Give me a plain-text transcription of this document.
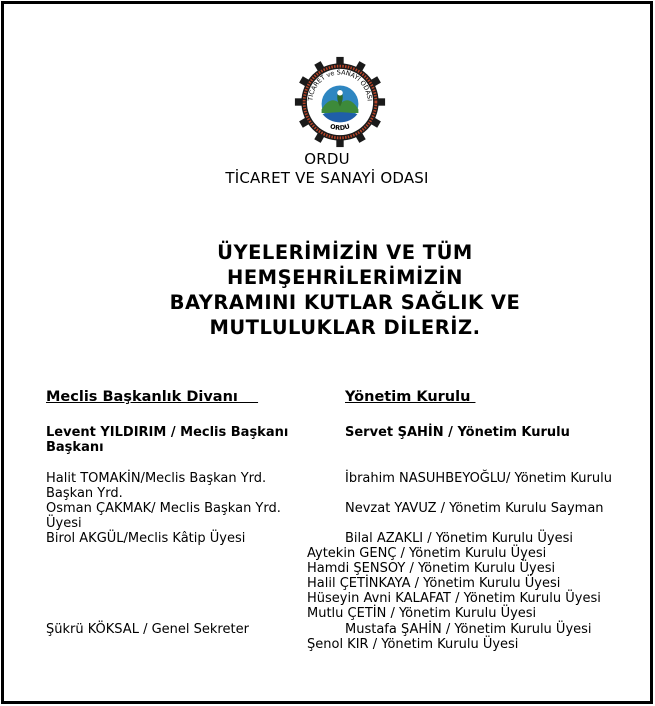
TİCARET ve SANAYİ ODASI
ORDU
ORDU
TİCARET VE SANAYİ ODASI
ÜYELERİMİZİN VE TÜM
HEMŞEHRİLERİMİZİN
BAYRAMINI KUTLAR SAĞLIK VE
MUTLULUKLAR DİLERİZ.
Meclis Başkanlık Divanı
Levent YILDIRIM / Meclis Başkanı
Başkanı
Halit TOMAKİN/Meclis Başkan Yrd.
Başkan Yrd.
Osman ÇAKMAK/ Meclis Başkan Yrd.
Üyesi
Birol AKGÜL/Meclis Kâtip Üyesi
Şükrü KÖKSAL / Genel Sekreter
Yönetim Kurulu
Servet ŞAHİN / Yönetim Kurulu
İbrahim NASUHBEYOĞLU/ Yönetim Kurulu
Nevzat YAVUZ / Yönetim Kurulu Sayman
Bilal AZAKLI / Yönetim Kurulu Üyesi
Aytekin GENÇ / Yönetim Kurulu Üyesi
Hamdi ŞENSOY / Yönetim Kurulu Üyesi
Halil ÇETİNKAYA / Yönetim Kurulu Üyesi
Hüseyin Avni KALAFAT / Yönetim Kurulu Üyesi
Mutlu ÇETİN / Yönetim Kurulu Üyesi
Mustafa ŞAHİN / Yönetim Kurulu Üyesi
Şenol KIR / Yönetim Kurulu Üyesi
